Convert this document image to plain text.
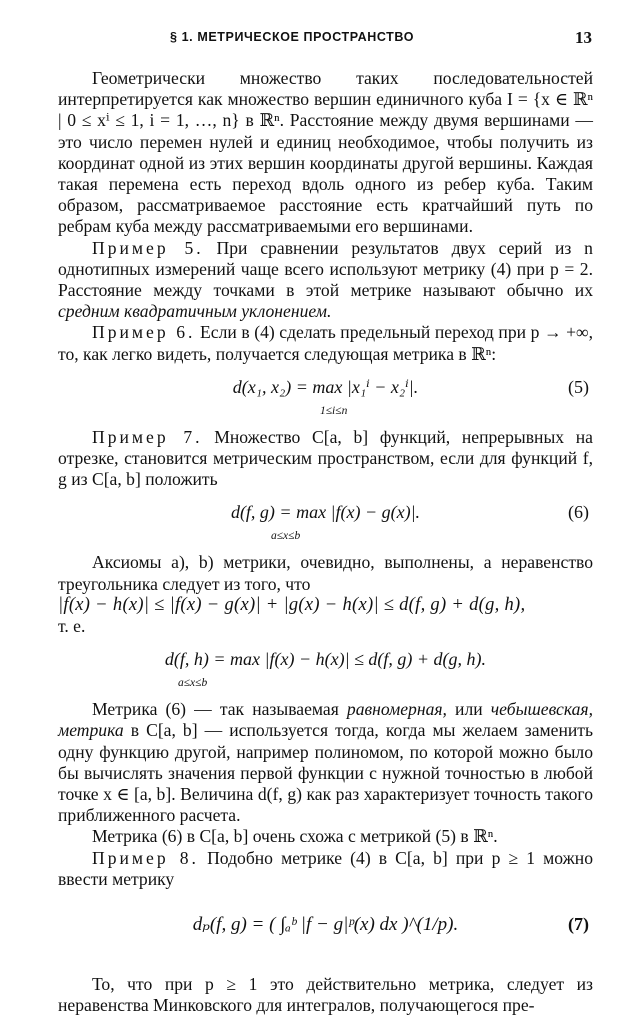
§ 1. МЕТРИЧЕСКОЕ ПРОСТРАНСТВО	13

Геометрически множество таких последовательностей интерпретируется как множество вершин единичного куба I = {x ∈ ℝⁿ | 0 ≤ xⁱ ≤ 1, i = 1, …, n} в ℝⁿ. Расстояние между двумя вершинами — это число перемен нулей и единиц необходимое, чтобы получить из координат одной из этих вершин координаты другой вершины. Каждая такая перемена есть переход вдоль одного из ребер куба. Таким образом, рассматриваемое расстояние есть кратчайший путь по ребрам куба между рассматриваемыми его вершинами.

Пример 5. При сравнении результатов двух серий из n однотипных измерений чаще всего используют метрику (4) при p = 2. Расстояние между точками в этой метрике называют обычно их средним квадратичным уклонением.

Пример 6. Если в (4) сделать предельный переход при p → +∞, то, как легко видеть, получается следующая метрика в ℝⁿ:

d(x₁, x₂) = max |x₁ⁱ − x₂ⁱ|.
1≤i≤n
(5)

Пример 7. Множество C[a, b] функций, непрерывных на отрезке, становится метрическим пространством, если для функций f, g из C[a, b] положить

d(f, g) = max |f(x) − g(x)|.
a≤x≤b
(6)

Аксиомы а), b) метрики, очевидно, выполнены, а неравенство треугольника следует из того, что

|f(x) − h(x)| ≤ |f(x) − g(x)| + |g(x) − h(x)| ≤ d(f, g) + d(g, h),

т. е.

d(f, h) = max |f(x) − h(x)| ≤ d(f, g) + d(g, h).
a≤x≤b

Метрика (6) — так называемая равномерная, или чебышевская, метрика в C[a, b] — используется тогда, когда мы желаем заменить одну функцию другой, например полиномом, по которой можно было бы вычислять значения первой функции с нужной точностью в любой точке x ∈ [a, b]. Величина d(f, g) как раз характеризует точность такого приближенного расчета.

Метрика (6) в C[a, b] очень схожа с метрикой (5) в ℝⁿ.

Пример 8. Подобно метрике (4) в C[a, b] при p ≥ 1 можно ввести метрику

dₚ(f, g) = ( ∫ₐᵇ |f − g|ᵖ(x) dx )^(1/p).	(7)

То, что при p ≥ 1 это действительно метрика, следует из неравенства Минковского для интегралов, получающегося пре-
